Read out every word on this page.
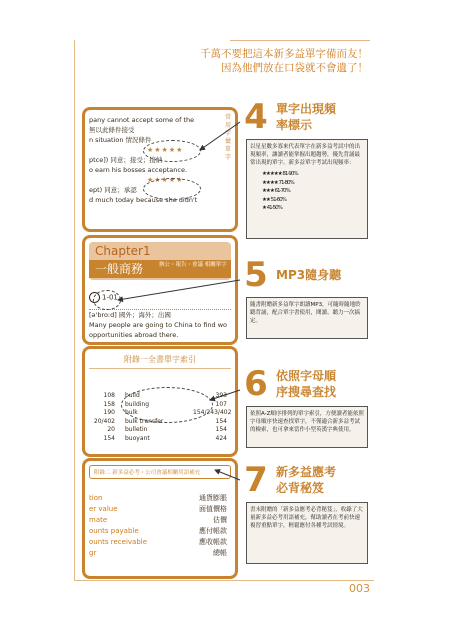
千萬不要把這本新多益單字備而友！
因為他們放在口袋就不會遺了！
pany cannot accept some of the
無以此條件接受
n situation 情況條件
★★★★★
ptce]) 同意；接受；接納
o earn his bosses acceptance.
★★★★★
ept) 同意；承認
d much today because she didn't
常用字彙單字
Chapter1
一般商務	辦公・報告・會議 相關單字
1-01
[ə'broːd] 國外；海外；出國
Many people are going to China to find wo
opportunities abroad there.
附錄一全書單字索引
108	build	393
158	building	107
190	bulk	154/243/402
20/402	bulk transfer	154
20	bulletin	154
154	buoyant	424
附錄二 新多益必考・公司會議相關用語補充
tion	通貨膨脹
er value	面值價格
mate	估價
ounts payable	應付帳款
ounts receivable	應收帳款
gr	總帳
4 單字出現頻
率標示
以星星數多寡來代表單字在新多益考試中的出現頻率，讓讀者能掌握出題趨勢，優先背誦最常出現的單字。新多益單字考試出現頻率：
★★★★★ 81-90%
★★★★ 71-80%
★★★ 61-70%
★★ 51-60%
★ 41-50%
5 MP3隨身聽
隨書附贈新多益單字朗讀MP3，可隨時隨地聆聽背誦，配合單字書使用，閱讀、聽力一次搞定。
6 依照字母順
序搜尋查找
依照A-Z順序排列的單字索引，方便讀者能依照字母順序快速查找單字，不僅適合新多益考試的檢索，也可拿來當作小型英漢字典使用。
7 新多益應考
必背秘笈
書末附贈的「新多益應考必背秘笈」，收錄了大量新多益必考用語補充，幫助讀者在考前快速複習重點單字，輕鬆應付各種考試情境。
003
